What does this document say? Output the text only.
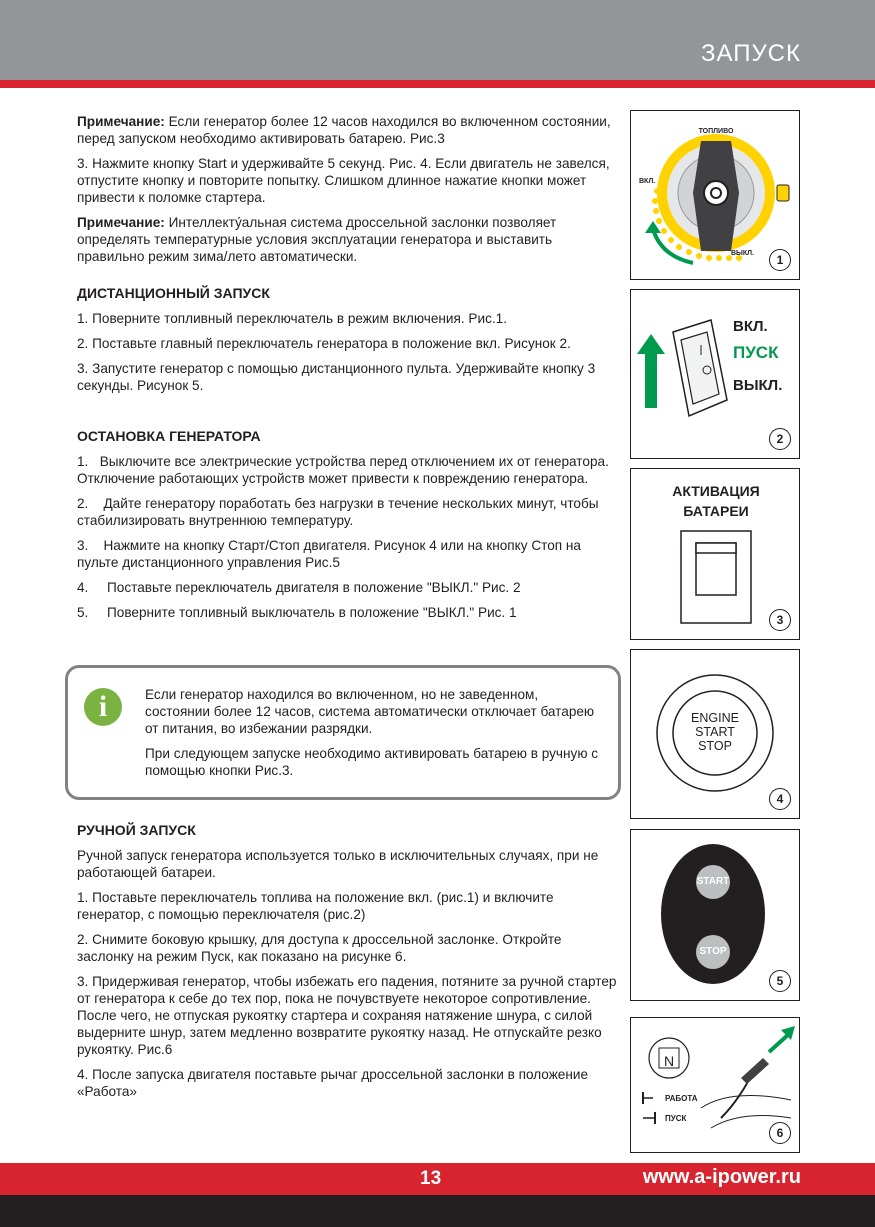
ЗАПУСК

Примечание: Если генератор более 12 часов находился во включенном состоянии, перед запуском необходимо активировать батарею. Рис.3

3. Нажмите кнопку Start и удерживайте 5 секунд. Рис. 4. Если двигатель не завелся, отпустите кнопку и повторите попытку. Слишком длинное нажатие кнопки может привести к поломке стартера.

Примечание: Интеллекту́альная система дроссельной заслонки позволяет определять температурные условия эксплуатации генератора и выставить правильно режим зима/лето автоматически.

ДИСТАНЦИОННЫЙ ЗАПУСК

1. Поверните топливный переключатель в режим включения. Рис.1.

2. Поставьте главный переключатель генератора в положение вкл. Рисунок 2.

3. Запустите генератор с помощью дистанционного пульта. Удерживайте кнопку 3 секунды. Рисунок 5.

ОСТАНОВКА ГЕНЕРАТОРА

1. Выключите все электрические устройства перед отключением их от генератора. Отключение работающих устройств может привести к повреждению генератора.

2. Дайте генератору поработать без нагрузки в течение нескольких минут, чтобы стабилизировать внутреннюю температуру.

3. Нажмите на кнопку Старт/Стоп двигателя. Рисунок 4 или на кнопку Стоп на пульте дистанционного управления Рис.5

4.	Поставьте переключатель двигателя в положение "ВЫКЛ." Рис. 2

5.	Поверните топливный выключатель в положение "ВЫКЛ." Рис. 1

i	Если генератор находился во включенном, но не заведенном, состоянии более 12 часов, система автоматически отключает батарею от питания, во избежании разрядки.

При следующем запуске необходимо активировать батарею в ручную с помощью кнопки Рис.3.

РУЧНОЙ ЗАПУСК

Ручной запуск генератора используется только в исключительных случаях, при не работающей батареи.

1. Поставьте переключатель топлива на положение вкл. (рис.1) и включите генератор, с помощью переключателя (рис.2)

2. Снимите боковую крышку, для доступа к дроссельной заслонке. Откройте заслонку на режим Пуск, как показано на рисунке 6.

3. Придерживая генератор, чтобы избежать его падения, потяните за ручной стартер от генератора к себе до тех пор, пока не почувствуете некоторое сопротивление. После чего, не отпуская рукоятку стартера и сохраняя натяжение шнура, с силой выдерните шнур, затем медленно возвратите рукоятку назад. Не отпускайте резко рукоятку. Рис.6

4. После запуска двигателя поставьте рычаг дроссельной заслонки в положение «Работа»

ТОПЛИВО
ВКЛ.
ВЫКЛ.	1
ВКЛ.
ПУСК
ВЫКЛ.
2
АКТИВАЦИЯ
БАТАРЕИ
3
ENGINE
START
STOP
4
START
STOP
5
N
РАБОТА
ПУСК
6
13	www.a-ipower.ru
